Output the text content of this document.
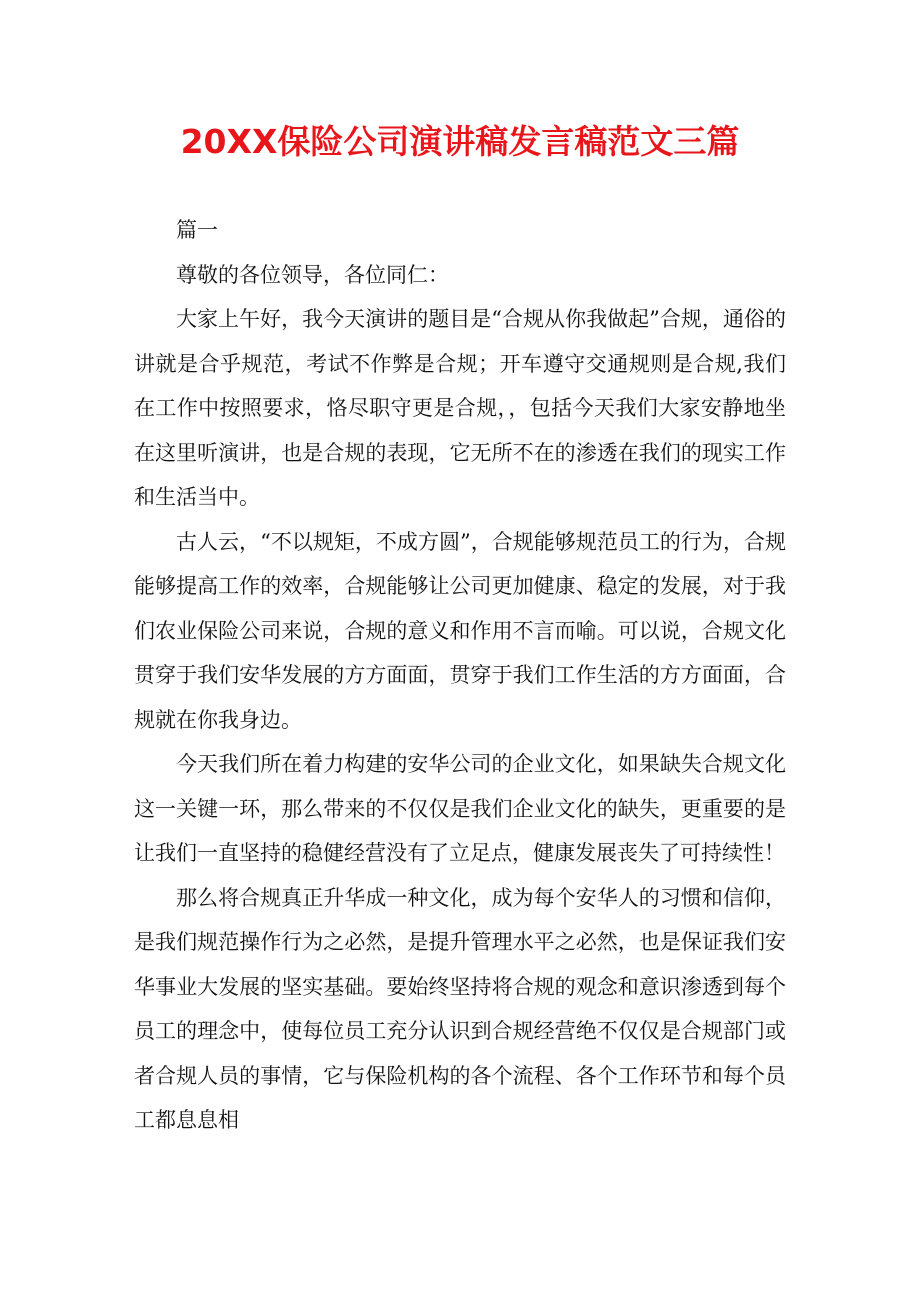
20XX保险公司演讲稿发言稿范文三篇

篇一

尊敬的各位领导，各位同仁：

大家上午好，我今天演讲的题目是“合规从你我做起”合规，通俗的讲就是合乎规范，考试不作弊是合规；开车遵守交通规则是合规,我们在工作中按照要求，恪尽职守更是合规，，包括今天我们大家安静地坐在这里听演讲，也是合规的表现，它无所不在的渗透在我们的现实工作和生活当中。

古人云，“不以规矩，不成方圆”，合规能够规范员工的行为，合规能够提高工作的效率，合规能够让公司更加健康、稳定的发展，对于我们农业保险公司来说，合规的意义和作用不言而喻。可以说，合规文化贯穿于我们安华发展的方方面面，贯穿于我们工作生活的方方面面，合规就在你我身边。

今天我们所在着力构建的安华公司的企业文化，如果缺失合规文化这一关键一环，那么带来的不仅仅是我们企业文化的缺失，更重要的是让我们一直坚持的稳健经营没有了立足点，健康发展丧失了可持续性！

那么将合规真正升华成一种文化，成为每个安华人的习惯和信仰，是我们规范操作行为之必然，是提升管理水平之必然，也是保证我们安华事业大发展的坚实基础。要始终坚持将合规的观念和意识渗透到每个员工的理念中，使每位员工充分认识到合规经营绝不仅仅是合规部门或者合规人员的事情，它与保险机构的各个流程、各个工作环节和每个员工都息息相
